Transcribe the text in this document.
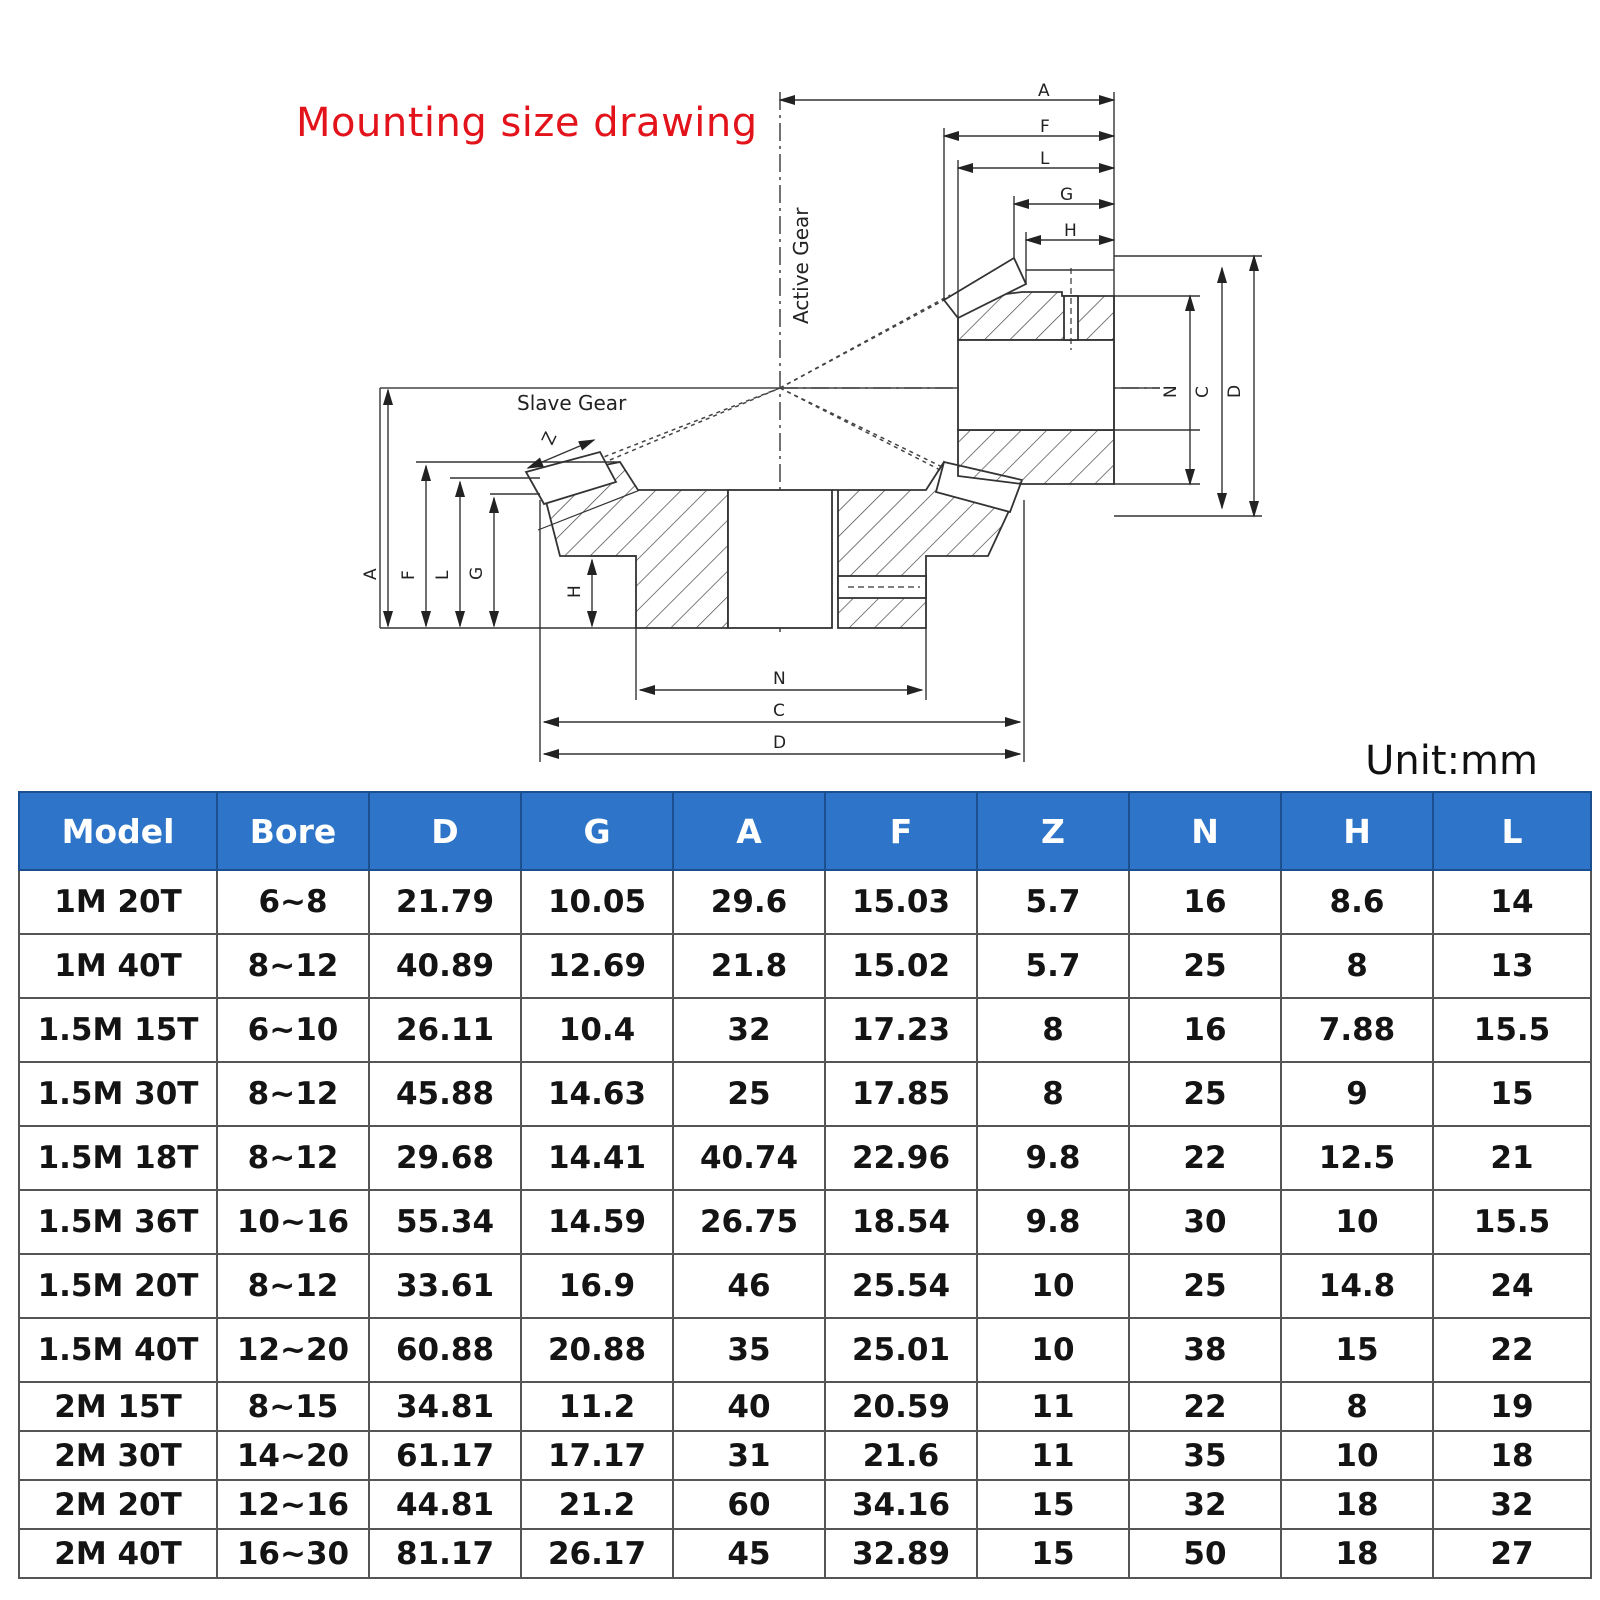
Mounting size drawing
Active Gear
Slave Gear
A
F
L
G
H
N C D
A F L G
H
N
C
D
Z
Unit:mm
Model	Bore	D	G	A	F	Z	N	H	L
1M 20T	6~8	21.79	10.05	29.6	15.03	5.7	16	8.6	14
1M 40T	8~12	40.89	12.69	21.8	15.02	5.7	25	8	13
1.5M 15T	6~10	26.11	10.4	32	17.23	8	16	7.88	15.5
1.5M 30T	8~12	45.88	14.63	25	17.85	8	25	9	15
1.5M 18T	8~12	29.68	14.41	40.74	22.96	9.8	22	12.5	21
1.5M 36T	10~16	55.34	14.59	26.75	18.54	9.8	30	10	15.5
1.5M 20T	8~12	33.61	16.9	46	25.54	10	25	14.8	24
1.5M 40T	12~20	60.88	20.88	35	25.01	10	38	15	22
2M 15T	8~15	34.81	11.2	40	20.59	11	22	8	19
2M 30T	14~20	61.17	17.17	31	21.6	11	35	10	18
2M 20T	12~16	44.81	21.2	60	34.16	15	32	18	32
2M 40T	16~30	81.17	26.17	45	32.89	15	50	18	27
